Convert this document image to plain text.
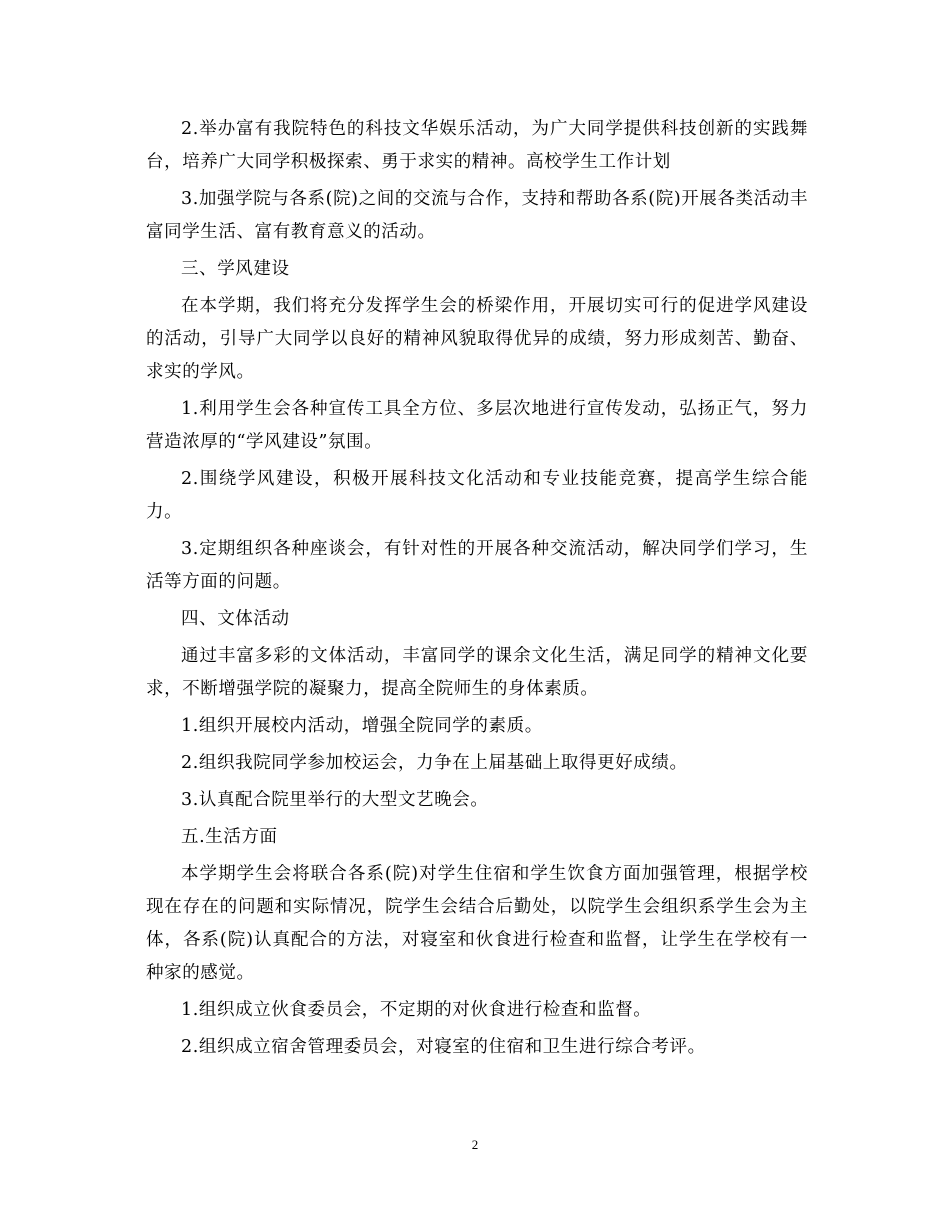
2.举办富有我院特色的科技文华娱乐活动，为广大同学提供科技创新的实践舞台，培养广大同学积极探索、勇于求实的精神。高校学生工作计划

3.加强学院与各系(院)之间的交流与合作，支持和帮助各系(院)开展各类活动丰富同学生活、富有教育意义的活动。

三、学风建设

在本学期，我们将充分发挥学生会的桥梁作用，开展切实可行的促进学风建设的活动，引导广大同学以良好的精神风貌取得优异的成绩，努力形成刻苦、勤奋、求实的学风。

1.利用学生会各种宣传工具全方位、多层次地进行宣传发动，弘扬正气，努力营造浓厚的“学风建设”氛围。

2.围绕学风建设，积极开展科技文化活动和专业技能竞赛，提高学生综合能力。

3.定期组织各种座谈会，有针对性的开展各种交流活动，解决同学们学习，生活等方面的问题。

四、文体活动

通过丰富多彩的文体活动，丰富同学的课余文化生活，满足同学的精神文化要求，不断增强学院的凝聚力，提高全院师生的身体素质。

1.组织开展校内活动，增强全院同学的素质。

2.组织我院同学参加校运会，力争在上届基础上取得更好成绩。

3.认真配合院里举行的大型文艺晚会。

五.生活方面

本学期学生会将联合各系(院)对学生住宿和学生饮食方面加强管理，根据学校现在存在的问题和实际情况，院学生会结合后勤处，以院学生会组织系学生会为主体，各系(院)认真配合的方法，对寝室和伙食进行检查和监督，让学生在学校有一种家的感觉。

1.组织成立伙食委员会，不定期的对伙食进行检查和监督。

2.组织成立宿舍管理委员会，对寝室的住宿和卫生进行综合考评。

2
